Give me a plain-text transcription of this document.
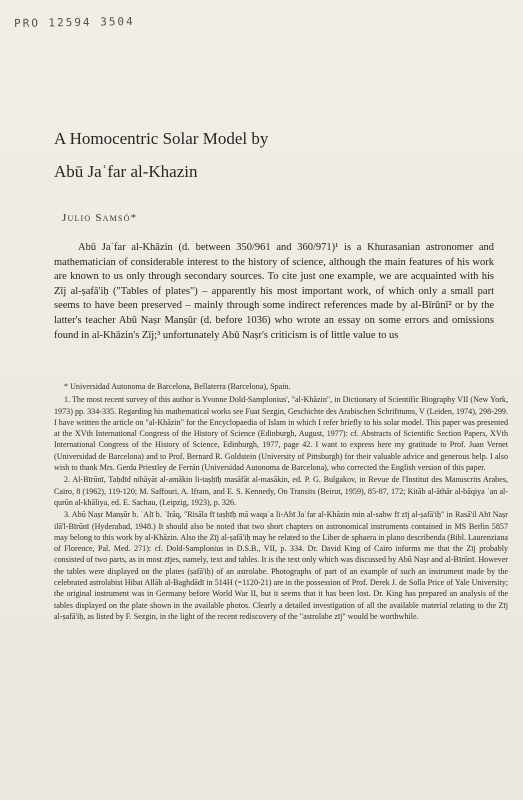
PRO 12594 3504
A Homocentric Solar Model by
Abū Jaʿfar al-Khazin
Julio Samsó*

Abū Jaʿfar al-Khāzin (d. between 350/961 and 360/971)¹ is a Khurasanian astronomer and mathematician of considerable interest to the history of science, although the main features of his work are known to us only through secondary sources. To cite just one example, we are acquainted with his Zīj al-ṣafā'iḥ ("Tables of plates") – apparently his most important work, of which only a small part seems to have been preserved – mainly through some indirect references made by al-Bīrūnī² or by the latter's teacher Abū Naṣr Manṣūr (d. before 1036) who wrote an essay on some errors and omissions found in al-Khāzin's Zīj;³ unfortunately Abū Naṣr's criticism is of little value to us

* Universidad Autonoma de Barcelona, Bellaterra (Barcelona), Spain.

1. The most recent survey of this author is Yvonne Dold-Samplonius', "al-Khāzin", in Dictionary of Scientific Biography VII (New York, 1973) pp. 334-335. Regarding his mathematical works see Fuat Sezgin, Geschichte des Arabischen Schrifttums, V (Leiden, 1974), 298-299. I have written the article on "al-Khāzin" for the Encyclopaedia of Islam in which I refer briefly to his solar model. This paper was presented at the XVth International Congress of the History of Science (Edinburgh, August, 1977): cf. Abstracts of Scientific Section Papers, XVth International Congress of the History of Science, Edinburgh, 1977, page 42. I want to express here my gratitude to Prof. Juan Vernet (Universidad de Barcelona) and to Prof. Bernard R. Goldstein (University of Pittsburgh) for their valuable advice and generous help. I also wish to thank Mrs. Gerda Priestley de Ferrán (Universidad Autonoma de Barcelona), who corrected the English version of this paper.

2. Al-Bīrūnī, Taḥdīd nihāyāt al-amākin li-taṣḥīḥ masāfāt al-masākin, ed. P. G. Bulgakov, in Revue de l'Institut des Manuscrits Arabes, Cairo, 8 (1962), 119-120; M. Saffouri, A. Ifram, and E. S. Kennedy, On Transits (Beirut, 1959), 85-87, 172; Kitāb al-āthār al-bāqiya ʿan al-qurūn al-khāliya, ed. E. Sachau, (Leipzig, 1923), p. 326.

3. Abū Naṣr Manṣūr b. ʿAlī b. ʿIrāq, "Risāla fī taṣḥīḥ mā waqaʿa li-Abī Jaʿfar al-Khāzin min al-sahw fī zīj al-ṣafā'iḥ" in Rasā'il Abī Naṣr ilā'l-Bīrūnī (Hyderabad, 1948.) It should also be noted that two short chapters on astronomical instruments contained in MS Berlin 5857 may belong to this work by al-Khāzin. Also the Zīj al-ṣafā'iḥ may be related to the Liber de sphaera in plano describenda (Bibl. Laurenziana of Florence, Pal. Med. 271): cf. Dold-Samplonius in D.S.B., VII, p. 334. Dr. David King of Cairo informs me that the Zīj probably consisted of two parts, as in most zījes, namely, text and tables. It is the text only which was discussed by Abū Naṣr and al-Bīrūnī. However the tables were displayed on the plates (ṣafā'iḥ) of an astrolabe. Photographs of part of an example of such an instrument made by the celebrated astrolabist Hibat Allāh al-Baghdādī in 514H (=1120-21) are in the possession of Prof. Derek J. de Solla Price of Yale University; the original instrument was in Germany before World War II, but it seems that it has been lost. Dr. King has prepared an analysis of the tables displayed on the plate shown in the available photos. Clearly a detailed investigation of all the available material relating to the Zīj al-ṣafā'iḥ, as listed by F. Sezgin, in the light of the recent rediscovery of the "astrolabe zīj" would be worthwhile.
